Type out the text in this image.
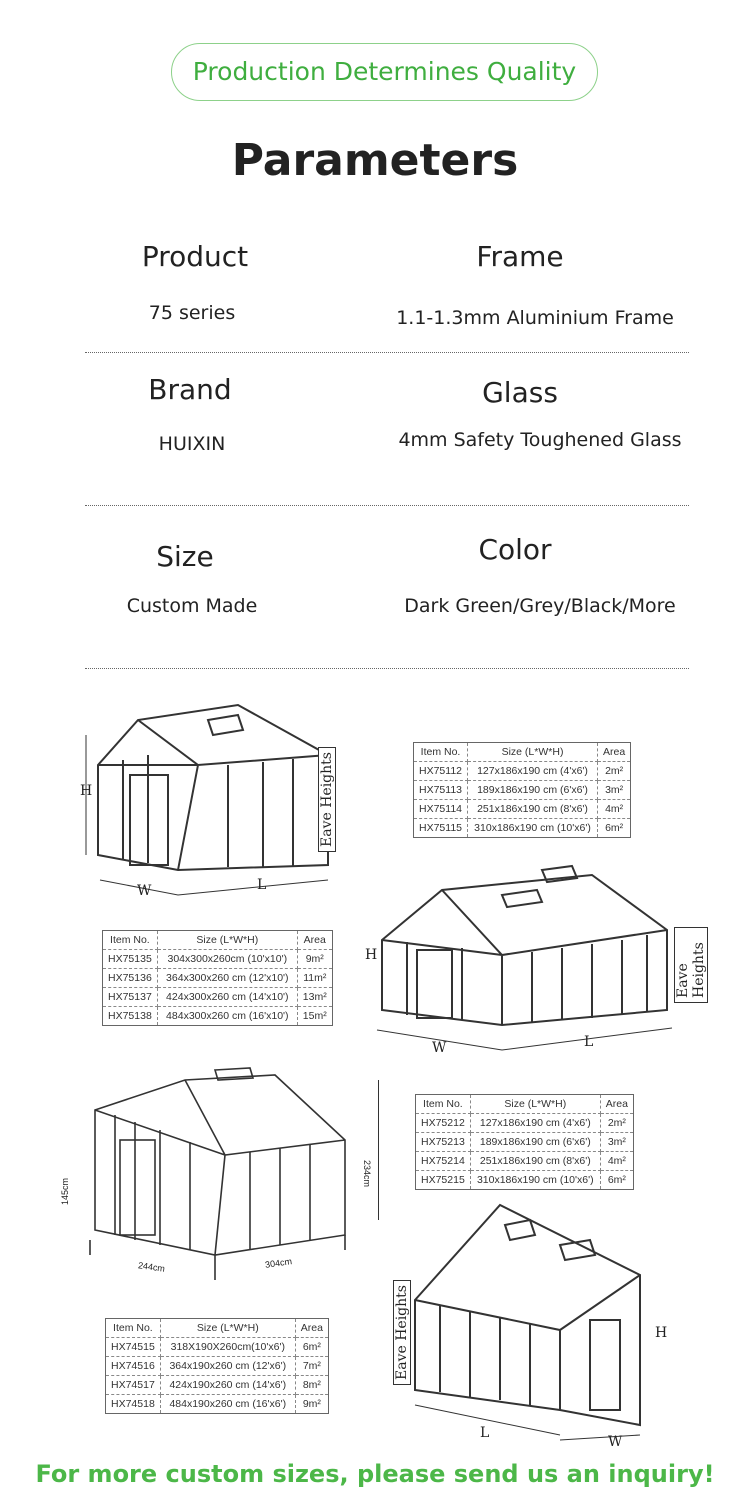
Production Determines Quality
Parameters
Product
75 series
Frame
1.1-1.3mm Aluminium Frame
Brand
HUIXIN
Glass
4mm Safety Toughened Glass
Size
Custom Made
Color
Dark Green/Grey/Black/More
H
W	L
Eave Heights
H
W	L
Eave Heights
145cm
234cm
244cm	304cm
H
L
W
Eave Heights
Item No.	Size (L*W*H)	Area
HX75112	127x186x190 cm (4'x6')	2m²
HX75113	189x186x190 cm (6'x6')	3m²
HX75114	251x186x190 cm (8'x6')	4m²
HX75115	310x186x190 cm (10'x6')	6m²
Item No.	Size (L*W*H)	Area
HX75135	304x300x260cm (10'x10')	9m²
HX75136	364x300x260 cm (12'x10')	11m²
HX75137	424x300x260 cm (14'x10')	13m²
HX75138	484x300x260 cm (16'x10')	15m²
Item No.	Size (L*W*H)	Area
HX75212	127x186x190 cm (4'x6')	2m²
HX75213	189x186x190 cm (6'x6')	3m²
HX75214	251x186x190 cm (8'x6')	4m²
HX75215	310x186x190 cm (10'x6')	6m²
Item No.	Size (L*W*H)	Area
HX74515	318X190X260cm(10'x6')	6m²
HX74516	364x190x260 cm (12'x6')	7m²
HX74517	424x190x260 cm (14'x6')	8m²
HX74518	484x190x260 cm (16'x6')	9m²
For more custom sizes, please send us an inquiry!
